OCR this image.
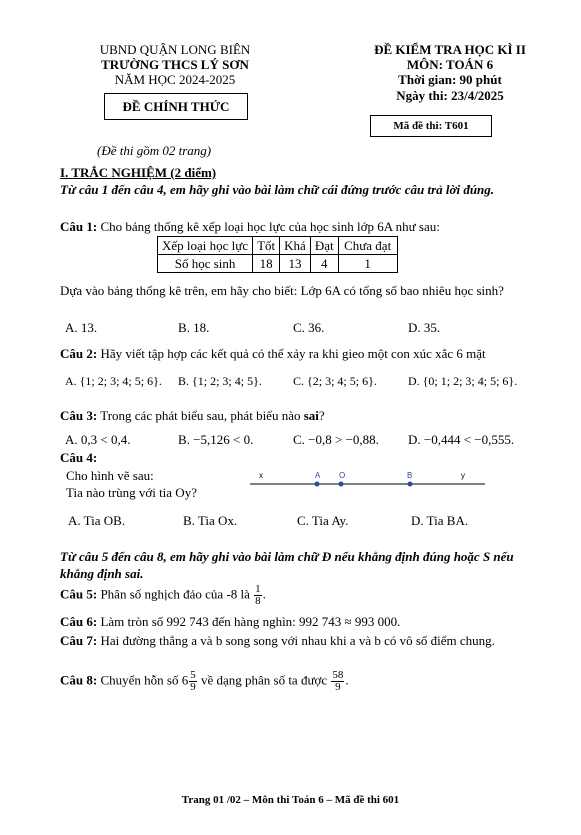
UBND QUẬN LONG BIÊN
TRƯỜNG THCS LÝ SƠN
NĂM HỌC 2024-2025
ĐỀ CHÍNH THỨC
(Đề thi gồm 02 trang)
ĐỀ KIỂM TRA HỌC KÌ II
MÔN: TOÁN 6
Thời gian: 90 phút
Ngày thi: 23/4/2025
Mã đề thi: T601
I. TRẮC NGHIỆM (2 điểm)
Từ câu 1 đến câu 4, em hãy ghi vào bài làm chữ cái đứng trước câu trả lời đúng.
Câu 1: Cho bảng thống kê xếp loại học lực của học sinh lớp 6A như sau:
Xếp loại học lực	Tốt	Khá	Đạt	Chưa đạt
Số học sinh	18	13	4	1
Dựa vào bảng thống kê trên, em hãy cho biết: Lớp 6A có tổng số bao nhiêu học sinh?
A. 13.	B. 18.	C. 36.	D. 35.
Câu 2: Hãy viết tập hợp các kết quả có thể xảy ra khi gieo một con xúc xắc 6 mặt
A. {1; 2; 3; 4; 5; 6}. B. {1; 2; 3; 4; 5}.	C. {2; 3; 4; 5; 6}.	D. {0; 1; 2; 3; 4; 5; 6}.
Câu 3: Trong các phát biểu sau, phát biểu nào sai?
A. 0,3 < 0,4.	B. −5,126 < 0.	C. −0,8 > −0,88. D. −0,444 < −0,555.
Câu 4:
Cho hình vẽ sau:
Tia nào trùng với tia Oy?
x	A O	B	y
A. Tia OB.	B. Tia Ox.	C. Tia Ay.	D. Tia BA.
Từ câu 5 đến câu 8, em hãy ghi vào bài làm chữ Đ nếu khẳng định đúng hoặc S nếu khẳng định sai.
Câu 5: Phân số nghịch đảo của -8 là $\frac{1}{8}$ .
Câu 6: Làm tròn số 992 743 đến hàng nghìn: 992 743 ≈ 993 000.
Câu 7: Hai đường thẳng a và b song song với nhau khi a và b có vô số điểm chung.
Câu 8: Chuyển hỗn số $6 \frac{5}{9}$ về dạng phân số ta được $\frac{58}{9}$ .
Trang 01 /02 – Môn thi Toán 6 – Mã đề thi 601
